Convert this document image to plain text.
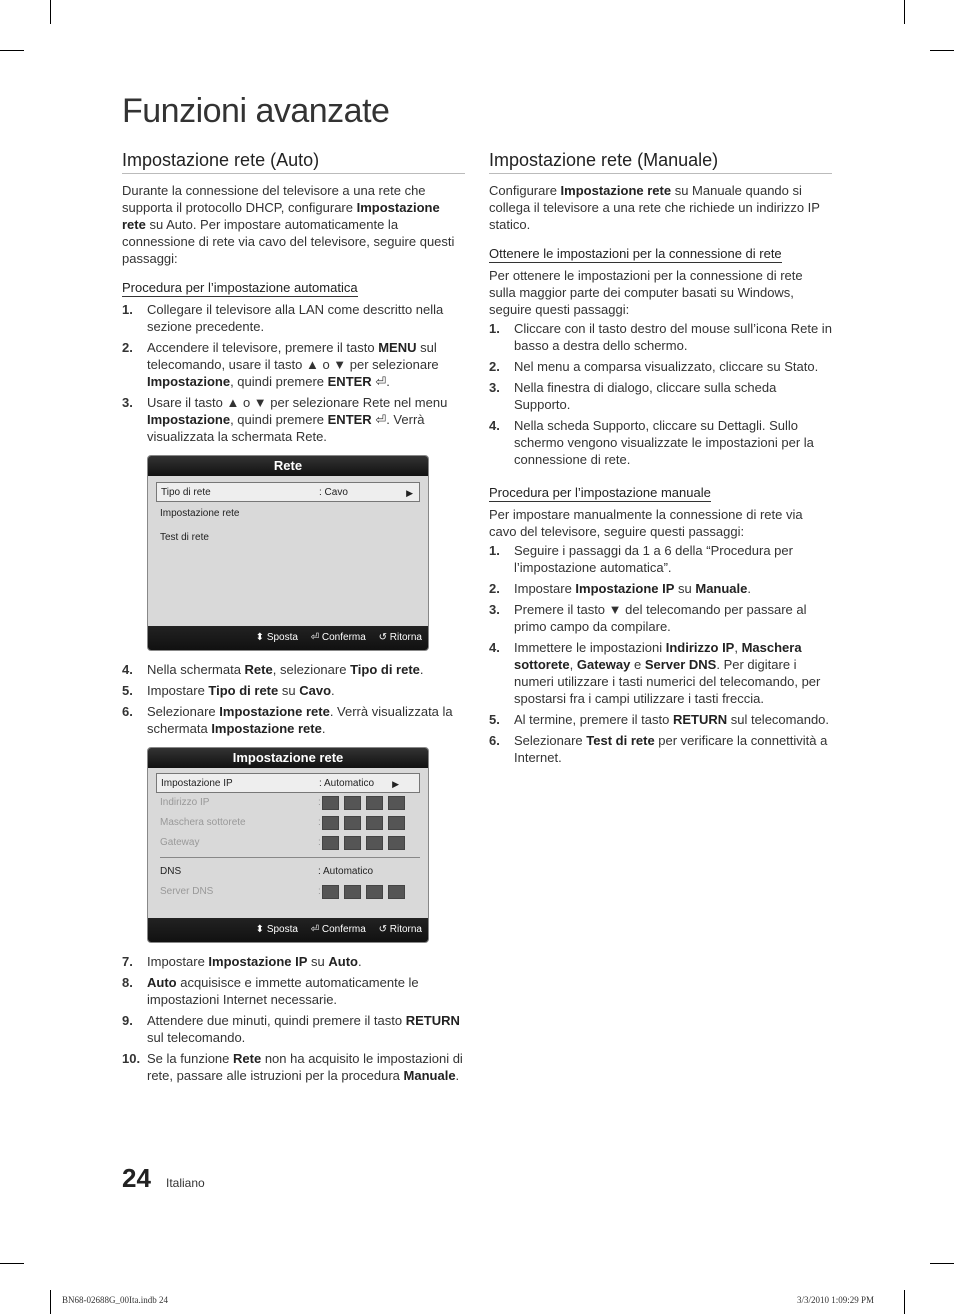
Funzioni avanzate
Impostazione rete (Auto)

Durante la connessione del televisore a una rete che supporta il protocollo DHCP, configurare Impostazione rete su Auto. Per impostare automaticamente la connessione di rete via cavo del televisore, seguire questi passaggi:

Procedura per l’impostazione automatica
1. Collegare il televisore alla LAN come descritto nella sezione precedente.
2. Accendere il televisore, premere il tasto MENU sul telecomando, usare il tasto ▲ o ▼ per selezionare Impostazione, quindi premere ENTER ⏎.
3. Usare il tasto ▲ o ▼ per selezionare Rete nel menu Impostazione, quindi premere ENTER ⏎. Verrà visualizzata la schermata Rete.
Rete
Tipo di rete	: Cavo	▶
Impostazione rete
Test di rete
⬍ Sposta ⏎ Conferma ↺ Ritorna
4. Nella schermata Rete, selezionare Tipo di rete.
5. Impostare Tipo di rete su Cavo.
6. Selezionare Impostazione rete. Verrà visualizzata la schermata Impostazione rete.
Impostazione rete
Impostazione IP	: Automatico ▶
Indirizzo IP	:
Maschera sottorete	:
Gateway	:
DNS	: Automatico
Server DNS	:
⬍ Sposta ⏎ Conferma ↺ Ritorna
7. Impostare Impostazione IP su Auto.
8. Auto acquisisce e immette automaticamente le impostazioni Internet necessarie.
9. Attendere due minuti, quindi premere il tasto RETURN sul telecomando.
10. Se la funzione Rete non ha acquisito le impostazioni di rete, passare alle istruzioni per la procedura Manuale.
Impostazione rete (Manuale)

Configurare Impostazione rete su Manuale quando si collega il televisore a una rete che richiede un indirizzo IP statico.

Ottenere le impostazioni per la connessione di rete

Per ottenere le impostazioni per la connessione di rete sulla maggior parte dei computer basati su Windows, seguire questi passaggi:

1. Cliccare con il tasto destro del mouse sull’icona Rete in basso a destra dello schermo.
2. Nel menu a comparsa visualizzato, cliccare su Stato.
3. Nella finestra di dialogo, cliccare sulla scheda Supporto.
4. Nella scheda Supporto, cliccare su Dettagli. Sullo schermo vengono visualizzate le impostazioni per la connessione di rete.
Procedura per l’impostazione manuale

Per impostare manualmente la connessione di rete via cavo del televisore, seguire questi passaggi:

1. Seguire i passaggi da 1 a 6 della “Procedura per l’impostazione automatica”.
2. Impostare Impostazione IP su Manuale.
3. Premere il tasto ▼ del telecomando per passare al primo campo da compilare.
4. Immettere le impostazioni Indirizzo IP, Maschera sottorete, Gateway e Server DNS. Per digitare i numeri utilizzare i tasti numerici del telecomando, per spostarsi fra i campi utilizzare i tasti freccia.
5. Al termine, premere il tasto RETURN sul telecomando.
6. Selezionare Test di rete per verificare la connettività a Internet.
24 Italiano
BN68-02688G_00Ita.indb 24	3/3/2010 1:09:29 PM
